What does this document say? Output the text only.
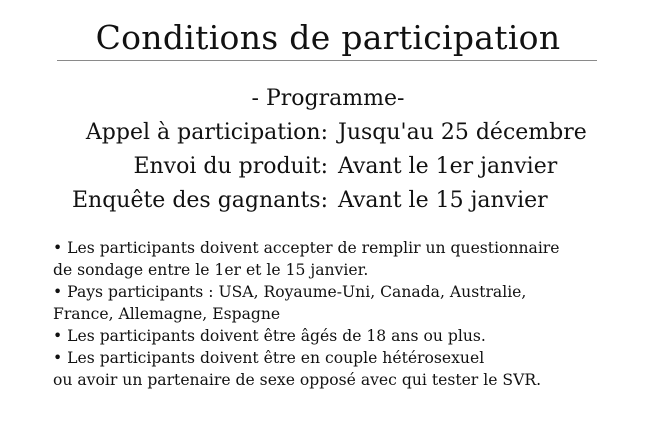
Conditions de participation
- Programme-
Appel à participation: Jusqu'au 25 décembre
Envoi du produit: Avant le 1er janvier
Enquête des gagnants: Avant le 15 janvier
• Les participants doivent accepter de remplir un questionnaire
de sondage entre le 1er et le 15 janvier.
• Pays participants : USA, Royaume-Uni, Canada, Australie,
France, Allemagne, Espagne
• Les participants doivent être âgés de 18 ans ou plus.
• Les participants doivent être en couple hétérosexuel
ou avoir un partenaire de sexe opposé avec qui tester le SVR.
